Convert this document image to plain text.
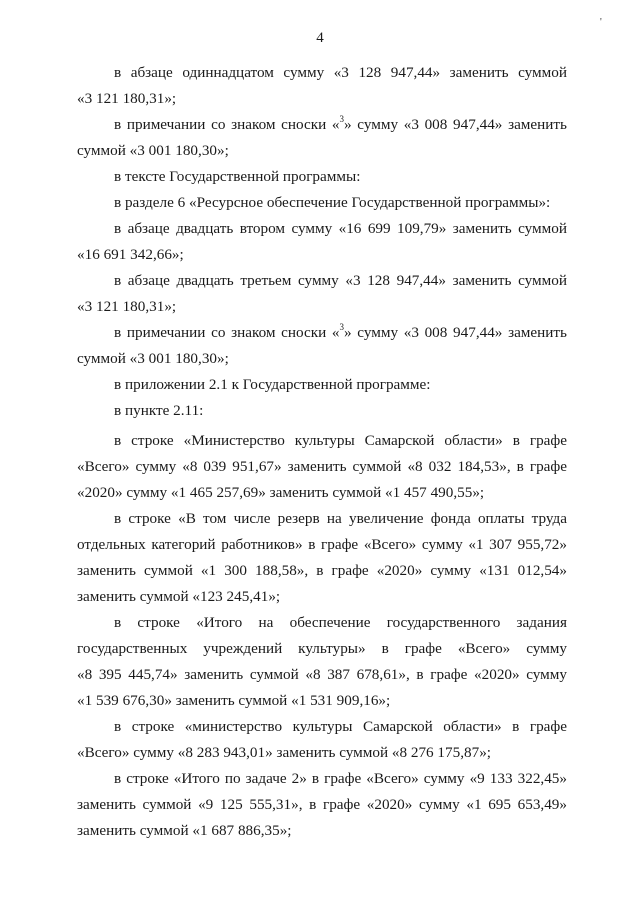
4
'
в абзаце одиннадцатом сумму «3 128 947,44» заменить суммой
«3 121 180,31»;
в примечании со знаком сноски «$^3$» сумму «3 008 947,44» заменить
суммой «3 001 180,30»;
в тексте Государственной программы:
в разделе 6 «Ресурсное обеспечение Государственной программы»:
в абзаце двадцать втором сумму «16 699 109,79» заменить суммой
«16 691 342,66»;
в абзаце двадцать третьем сумму «3 128 947,44» заменить суммой
«3 121 180,31»;
в примечании со знаком сноски «$^3$» сумму «3 008 947,44» заменить
суммой «3 001 180,30»;
в приложении 2.1 к Государственной программе:
в пункте 2.11:
в строке «Министерство культуры Самарской области» в графе
«Всего» сумму «8 039 951,67» заменить суммой «8 032 184,53», в графе
«2020» сумму «1 465 257,69» заменить суммой «1 457 490,55»;
в строке «В том числе резерв на увеличение фонда оплаты труда
отдельных категорий работников» в графе «Всего» сумму «1 307 955,72»
заменить суммой «1 300 188,58», в графе «2020» сумму «131 012,54»
заменить суммой «123 245,41»;
в строке «Итого на обеспечение государственного задания
государственных учреждений культуры» в графе «Всего» сумму
«8 395 445,74» заменить суммой «8 387 678,61», в графе «2020» сумму
«1 539 676,30» заменить суммой «1 531 909,16»;
в строке «министерство культуры Самарской области» в графе
«Всего» сумму «8 283 943,01» заменить суммой «8 276 175,87»;
в строке «Итого по задаче 2» в графе «Всего» сумму «9 133 322,45»
заменить суммой «9 125 555,31», в графе «2020» сумму «1 695 653,49»
заменить суммой «1 687 886,35»;
